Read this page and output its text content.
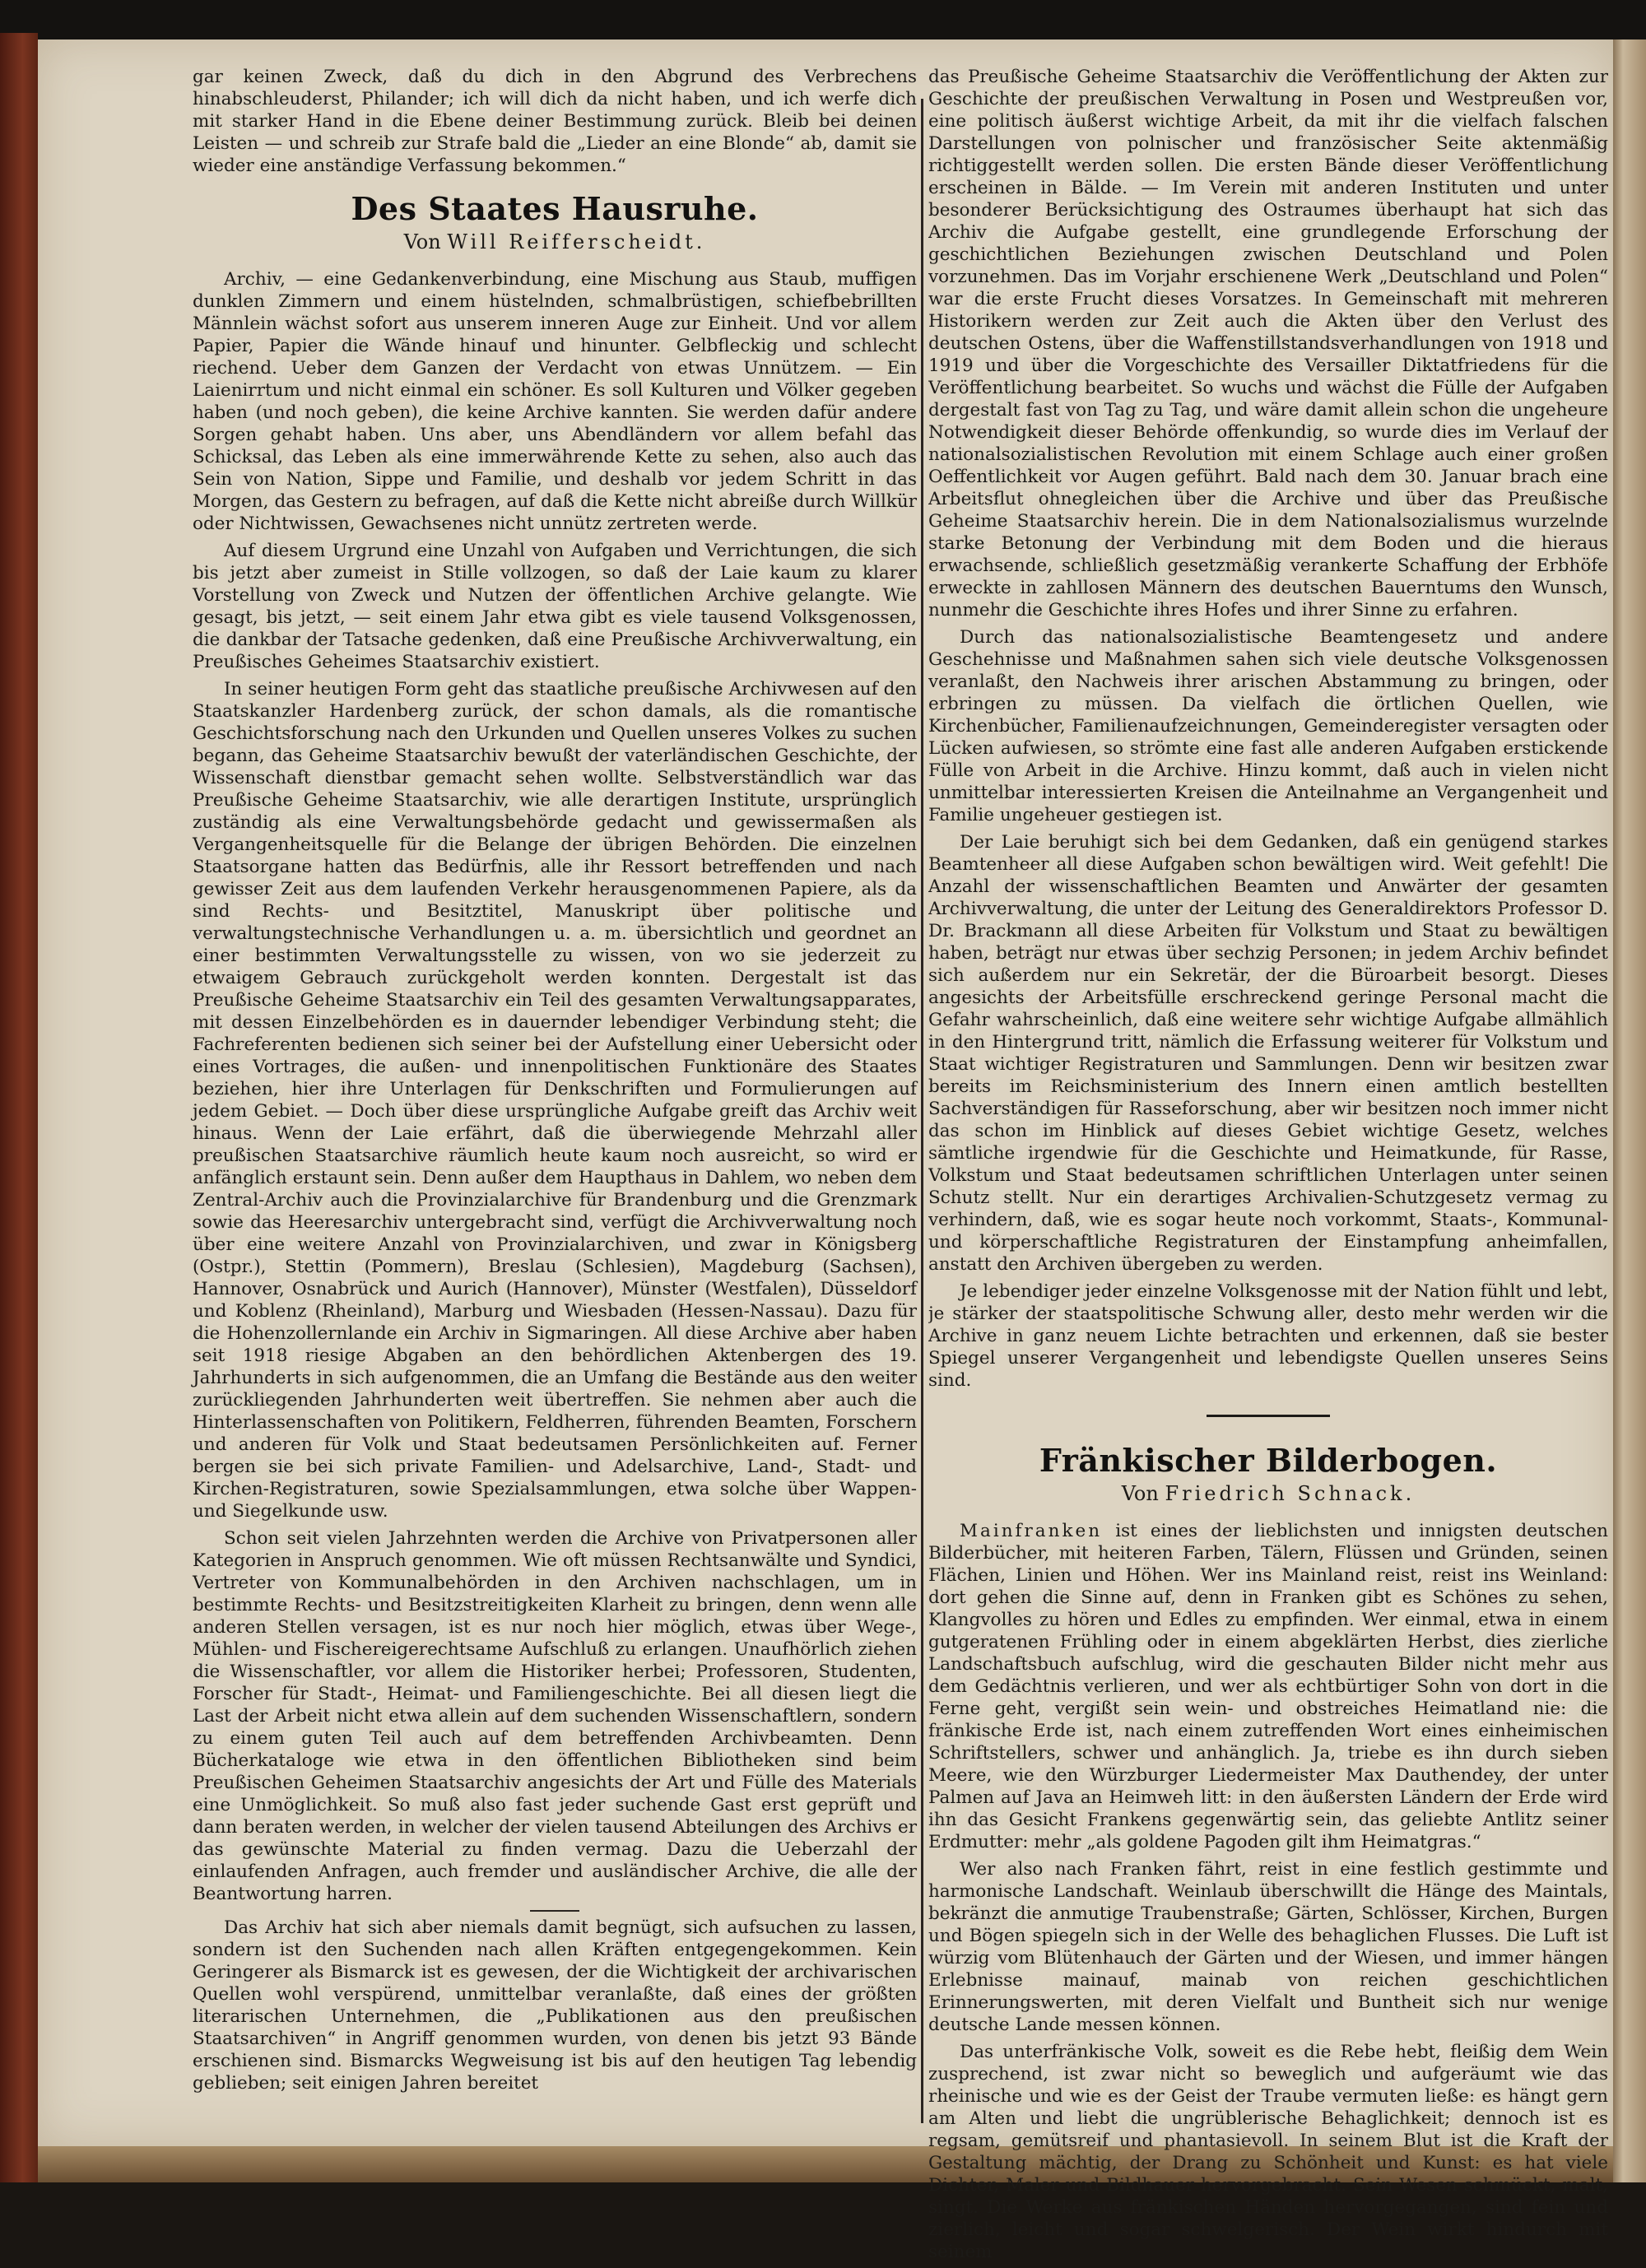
gar keinen Zweck, daß du dich in den Abgrund des Verbrechens hinabschleuderst, Philander; ich will dich da nicht haben, und ich werfe dich mit starker Hand in die Ebene deiner Bestimmung zurück. Bleib bei deinen Leisten — und schreib zur Strafe bald die „Lieder an eine Blonde“ ab, damit sie wieder eine anständige Verfassung bekommen.“

Des Staates Hausruhe.
Von Will Reifferscheidt.

Archiv, — eine Gedankenverbindung, eine Mischung aus Staub, muffigen dunklen Zimmern und einem hüstelnden, schmalbrüstigen, schiefbebrillten Männlein wächst sofort aus unserem inneren Auge zur Einheit. Und vor allem Papier, Papier die Wände hinauf und hinunter. Gelbfleckig und schlecht riechend. Ueber dem Ganzen der Verdacht von etwas Unnützem. — Ein Laienirrtum und nicht einmal ein schöner. Es soll Kulturen und Völker gegeben haben (und noch geben), die keine Archive kannten. Sie werden dafür andere Sorgen gehabt haben. Uns aber, uns Abendländern vor allem befahl das Schicksal, das Leben als eine immerwährende Kette zu sehen, also auch das Sein von Nation, Sippe und Familie, und deshalb vor jedem Schritt in das Morgen, das Gestern zu befragen, auf daß die Kette nicht abreiße durch Willkür oder Nichtwissen, Gewachsenes nicht unnütz zertreten werde.

Auf diesem Urgrund eine Unzahl von Aufgaben und Verrichtungen, die sich bis jetzt aber zumeist in Stille vollzogen, so daß der Laie kaum zu klarer Vorstellung von Zweck und Nutzen der öffentlichen Archive gelangte. Wie gesagt, bis jetzt, — seit einem Jahr etwa gibt es viele tausend Volksgenossen, die dankbar der Tatsache gedenken, daß eine Preußische Archivverwaltung, ein Preußisches Geheimes Staatsarchiv existiert.

In seiner heutigen Form geht das staatliche preußische Archivwesen auf den Staatskanzler Hardenberg zurück, der schon damals, als die romantische Geschichtsforschung nach den Urkunden und Quellen unseres Volkes zu suchen begann, das Geheime Staatsarchiv bewußt der vaterländischen Geschichte, der Wissenschaft dienstbar gemacht sehen wollte. Selbstverständlich war das Preußische Geheime Staatsarchiv, wie alle derartigen Institute, ursprünglich zuständig als eine Verwaltungsbehörde gedacht und gewissermaßen als Vergangenheitsquelle für die Belange der übrigen Behörden. Die einzelnen Staatsorgane hatten das Bedürfnis, alle ihr Ressort betreffenden und nach gewisser Zeit aus dem laufenden Verkehr herausgenommenen Papiere, als da sind Rechts- und Besitztitel, Manuskript über politische und verwaltungstechnische Verhandlungen u. a. m. übersichtlich und geordnet an einer bestimmten Verwaltungsstelle zu wissen, von wo sie jederzeit zu etwaigem Gebrauch zurückgeholt werden konnten. Dergestalt ist das Preußische Geheime Staatsarchiv ein Teil des gesamten Verwaltungsapparates, mit dessen Einzelbehörden es in dauernder lebendiger Verbindung steht; die Fachreferenten bedienen sich seiner bei der Aufstellung einer Uebersicht oder eines Vortrages, die außen- und innenpolitischen Funktionäre des Staates beziehen, hier ihre Unterlagen für Denkschriften und Formulierungen auf jedem Gebiet. — Doch über diese ursprüngliche Aufgabe greift das Archiv weit hinaus. Wenn der Laie erfährt, daß die überwiegende Mehrzahl aller preußischen Staatsarchive räumlich heute kaum noch ausreicht, so wird er anfänglich erstaunt sein. Denn außer dem Haupthaus in Dahlem, wo neben dem Zentral-Archiv auch die Provinzialarchive für Brandenburg und die Grenzmark sowie das Heeresarchiv untergebracht sind, verfügt die Archivverwaltung noch über eine weitere Anzahl von Provinzialarchiven, und zwar in Königsberg (Ostpr.), Stettin (Pommern), Breslau (Schlesien), Magdeburg (Sachsen), Hannover, Osnabrück und Aurich (Hannover), Münster (Westfalen), Düsseldorf und Koblenz (Rheinland), Marburg und Wiesbaden (Hessen-Nassau). Dazu für die Hohenzollernlande ein Archiv in Sigmaringen. All diese Archive aber haben seit 1918 riesige Abgaben an den behördlichen Aktenbergen des 19. Jahrhunderts in sich aufgenommen, die an Umfang die Bestände aus den weiter zurückliegenden Jahrhunderten weit übertreffen. Sie nehmen aber auch die Hinterlassenschaften von Politikern, Feldherren, führenden Beamten, Forschern und anderen für Volk und Staat bedeutsamen Persönlichkeiten auf. Ferner bergen sie bei sich private Familien- und Adelsarchive, Land-, Stadt- und Kirchen-Registraturen, sowie Spezialsammlungen, etwa solche über Wappen- und Siegelkunde usw.

Schon seit vielen Jahrzehnten werden die Archive von Privatpersonen aller Kategorien in Anspruch genommen. Wie oft müssen Rechtsanwälte und Syndici, Vertreter von Kommunalbehörden in den Archiven nachschlagen, um in bestimmte Rechts- und Besitzstreitigkeiten Klarheit zu bringen, denn wenn alle anderen Stellen versagen, ist es nur noch hier möglich, etwas über Wege-, Mühlen- und Fischereigerechtsame Aufschluß zu erlangen. Unaufhörlich ziehen die Wissenschaftler, vor allem die Historiker herbei; Professoren, Studenten, Forscher für Stadt-, Heimat- und Familiengeschichte. Bei all diesen liegt die Last der Arbeit nicht etwa allein auf dem suchenden Wissenschaftlern, sondern zu einem guten Teil auch auf dem betreffenden Archivbeamten. Denn Bücherkataloge wie etwa in den öffentlichen Bibliotheken sind beim Preußischen Geheimen Staatsarchiv angesichts der Art und Fülle des Materials eine Unmöglichkeit. So muß also fast jeder suchende Gast erst geprüft und dann beraten werden, in welcher der vielen tausend Abteilungen des Archivs er das gewünschte Material zu finden vermag. Dazu die Ueberzahl der einlaufenden Anfragen, auch fremder und ausländischer Archive, die alle der Beantwortung harren.

Das Archiv hat sich aber niemals damit begnügt, sich aufsuchen zu lassen, sondern ist den Suchenden nach allen Kräften entgegengekommen. Kein Geringerer als Bismarck ist es gewesen, der die Wichtigkeit der archivarischen Quellen wohl verspürend, unmittelbar veranlaßte, daß eines der größten literarischen Unternehmen, die „Publikationen aus den preußischen Staatsarchiven“ in Angriff genommen wurden, von denen bis jetzt 93 Bände erschienen sind. Bismarcks Wegweisung ist bis auf den heutigen Tag lebendig geblieben; seit einigen Jahren bereitet

das Preußische Geheime Staatsarchiv die Veröffentlichung der Akten zur Geschichte der preußischen Verwaltung in Posen und Westpreußen vor, eine politisch äußerst wichtige Arbeit, da mit ihr die vielfach falschen Darstellungen von polnischer und französischer Seite aktenmäßig richtiggestellt werden sollen. Die ersten Bände dieser Veröffentlichung erscheinen in Bälde. — Im Verein mit anderen Instituten und unter besonderer Berücksichtigung des Ostraumes überhaupt hat sich das Archiv die Aufgabe gestellt, eine grundlegende Erforschung der geschichtlichen Beziehungen zwischen Deutschland und Polen vorzunehmen. Das im Vorjahr erschienene Werk „Deutschland und Polen“ war die erste Frucht dieses Vorsatzes. In Gemeinschaft mit mehreren Historikern werden zur Zeit auch die Akten über den Verlust des deutschen Ostens, über die Waffenstillstandsverhandlungen von 1918 und 1919 und über die Vorgeschichte des Versailler Diktatfriedens für die Veröffentlichung bearbeitet. So wuchs und wächst die Fülle der Aufgaben dergestalt fast von Tag zu Tag, und wäre damit allein schon die ungeheure Notwendigkeit dieser Behörde offenkundig, so wurde dies im Verlauf der nationalsozialistischen Revolution mit einem Schlage auch einer großen Oeffentlichkeit vor Augen geführt. Bald nach dem 30. Januar brach eine Arbeitsflut ohnegleichen über die Archive und über das Preußische Geheime Staatsarchiv herein. Die in dem Nationalsozialismus wurzelnde starke Betonung der Verbindung mit dem Boden und die hieraus erwachsende, schließlich gesetzmäßig verankerte Schaffung der Erbhöfe erweckte in zahllosen Männern des deutschen Bauerntums den Wunsch, nunmehr die Geschichte ihres Hofes und ihrer Sinne zu erfahren.

Durch das nationalsozialistische Beamtengesetz und andere Geschehnisse und Maßnahmen sahen sich viele deutsche Volksgenossen veranlaßt, den Nachweis ihrer arischen Abstammung zu bringen, oder erbringen zu müssen. Da vielfach die örtlichen Quellen, wie Kirchenbücher, Familienaufzeichnungen, Gemeinderegister versagten oder Lücken aufwiesen, so strömte eine fast alle anderen Aufgaben erstickende Fülle von Arbeit in die Archive. Hinzu kommt, daß auch in vielen nicht unmittelbar interessierten Kreisen die Anteilnahme an Vergangenheit und Familie ungeheuer gestiegen ist.

Der Laie beruhigt sich bei dem Gedanken, daß ein genügend starkes Beamtenheer all diese Aufgaben schon bewältigen wird. Weit gefehlt! Die Anzahl der wissenschaftlichen Beamten und Anwärter der gesamten Archivverwaltung, die unter der Leitung des Generaldirektors Professor D. Dr. Brackmann all diese Arbeiten für Volkstum und Staat zu bewältigen haben, beträgt nur etwas über sechzig Personen; in jedem Archiv befindet sich außerdem nur ein Sekretär, der die Büroarbeit besorgt. Dieses angesichts der Arbeitsfülle erschreckend geringe Personal macht die Gefahr wahrscheinlich, daß eine weitere sehr wichtige Aufgabe allmählich in den Hintergrund tritt, nämlich die Erfassung weiterer für Volkstum und Staat wichtiger Registraturen und Sammlungen. Denn wir besitzen zwar bereits im Reichsministerium des Innern einen amtlich bestellten Sachverständigen für Rasseforschung, aber wir besitzen noch immer nicht das schon im Hinblick auf dieses Gebiet wichtige Gesetz, welches sämtliche irgendwie für die Geschichte und Heimatkunde, für Rasse, Volkstum und Staat bedeutsamen schriftlichen Unterlagen unter seinen Schutz stellt. Nur ein derartiges Archivalien-Schutzgesetz vermag zu verhindern, daß, wie es sogar heute noch vorkommt, Staats-, Kommunal- und körperschaftliche Registraturen der Einstampfung anheimfallen, anstatt den Archiven übergeben zu werden.

Je lebendiger jeder einzelne Volksgenosse mit der Nation fühlt und lebt, je stärker der staatspolitische Schwung aller, desto mehr werden wir die Archive in ganz neuem Lichte betrachten und erkennen, daß sie bester Spiegel unserer Vergangenheit und lebendigste Quellen unseres Seins sind.

Fränkischer Bilderbogen.
Von Friedrich Schnack.

Mainfranken ist eines der lieblichsten und innigsten deutschen Bilderbücher, mit heiteren Farben, Tälern, Flüssen und Gründen, seinen Flächen, Linien und Höhen. Wer ins Mainland reist, reist ins Weinland: dort gehen die Sinne auf, denn in Franken gibt es Schönes zu sehen, Klangvolles zu hören und Edles zu empfinden. Wer einmal, etwa in einem gutgeratenen Frühling oder in einem abgeklärten Herbst, dies zierliche Landschaftsbuch aufschlug, wird die geschauten Bilder nicht mehr aus dem Gedächtnis verlieren, und wer als echtbürtiger Sohn von dort in die Ferne geht, vergißt sein wein- und obstreiches Heimatland nie: die fränkische Erde ist, nach einem zutreffenden Wort eines einheimischen Schriftstellers, schwer und anhänglich. Ja, triebe es ihn durch sieben Meere, wie den Würzburger Liedermeister Max Dauthendey, der unter Palmen auf Java an Heimweh litt: in den äußersten Ländern der Erde wird ihn das Gesicht Frankens gegenwärtig sein, das geliebte Antlitz seiner Erdmutter: mehr „als goldene Pagoden gilt ihm Heimatgras.“

Wer also nach Franken fährt, reist in eine festlich gestimmte und harmonische Landschaft. Weinlaub überschwillt die Hänge des Maintals, bekränzt die anmutige Traubenstraße; Gärten, Schlösser, Kirchen, Burgen und Bögen spiegeln sich in der Welle des behaglichen Flusses. Die Luft ist würzig vom Blütenhauch der Gärten und der Wiesen, und immer hängen Erlebnisse mainauf, mainab von reichen geschichtlichen Erinnerungswerten, mit deren Vielfalt und Buntheit sich nur wenige deutsche Lande messen können.

Das unterfränkische Volk, soweit es die Rebe hebt, fleißig dem Wein zusprechend, ist zwar nicht so beweglich und aufgeräumt wie das rheinische und wie es der Geist der Traube vermuten ließe: es hängt gern am Alten und liebt die ungrüblerische Behaglichkeit; dennoch ist es regsam, gemütsreif und phantasievoll. In seinem Blut ist die Kraft der Gestaltung mächtig, der Drang zu Schönheit und Kunst: es hat viele Dichter, Maler und Bildhauer hervorgebracht. Sein Wesen schmückt, malt, singt. Die Werke aus fränkischen Händen hervorgegangen, sind fein und zierlich, leicht und sogar schwelgerisch. Der Wein wirkt hindurch mit seinem
